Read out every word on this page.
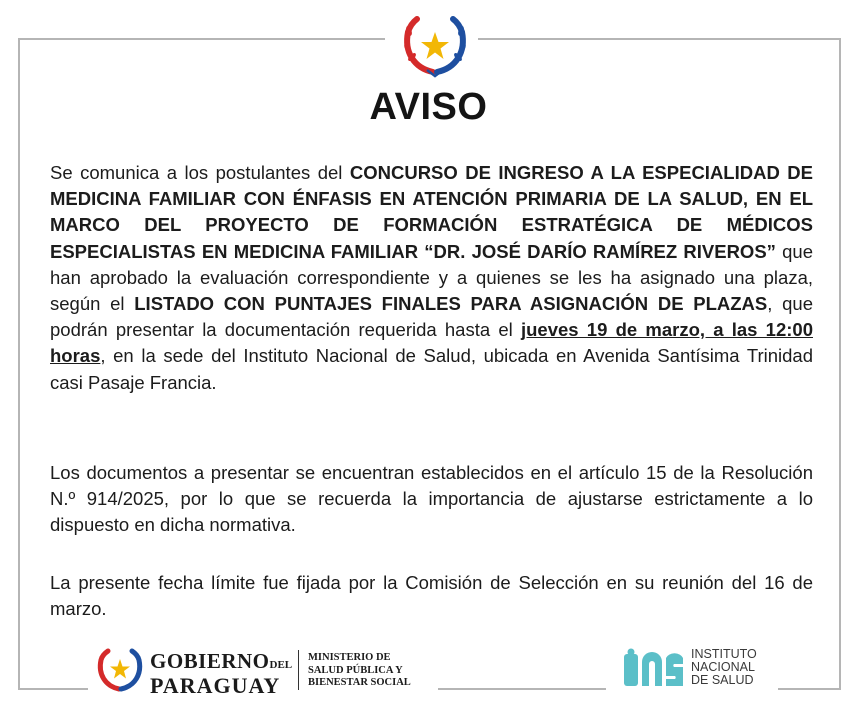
AVISO
Se comunica a los postulantes del CONCURSO DE INGRESO A LA ESPECIALIDAD DE MEDICINA FAMILIAR CON ÉNFASIS EN ATENCIÓN PRIMARIA DE LA SALUD, EN EL MARCO DEL PROYECTO DE FORMACIÓN ESTRATÉGICA DE MÉDICOS ESPECIALISTAS EN MEDICINA FAMILIAR “DR. JOSÉ DARÍO RAMÍREZ RIVEROS” que han aprobado la evaluación correspondiente y a quienes se les ha asignado una plaza, según el LISTADO CON PUNTAJES FINALES PARA ASIGNACIÓN DE PLAZAS, que podrán presentar la documentación requerida hasta el jueves 19 de marzo, a las 12:00 horas, en la sede del Instituto Nacional de Salud, ubicada en Avenida Santísima Trinidad casi Pasaje Francia.
Los documentos a presentar se encuentran establecidos en el artículo 15 de la Resolución N.º 914/2025, por lo que se recuerda la importancia de ajustarse estrictamente a lo dispuesto en dicha normativa.
La presente fecha límite fue fijada por la Comisión de Selección en su reunión del 16 de marzo.
GOBIERNODEL
PARAGUAY
MINISTERIO DE
SALUD PÚBLICA Y
BIENESTAR SOCIAL
INSTITUTO
NACIONAL
DE SALUD
